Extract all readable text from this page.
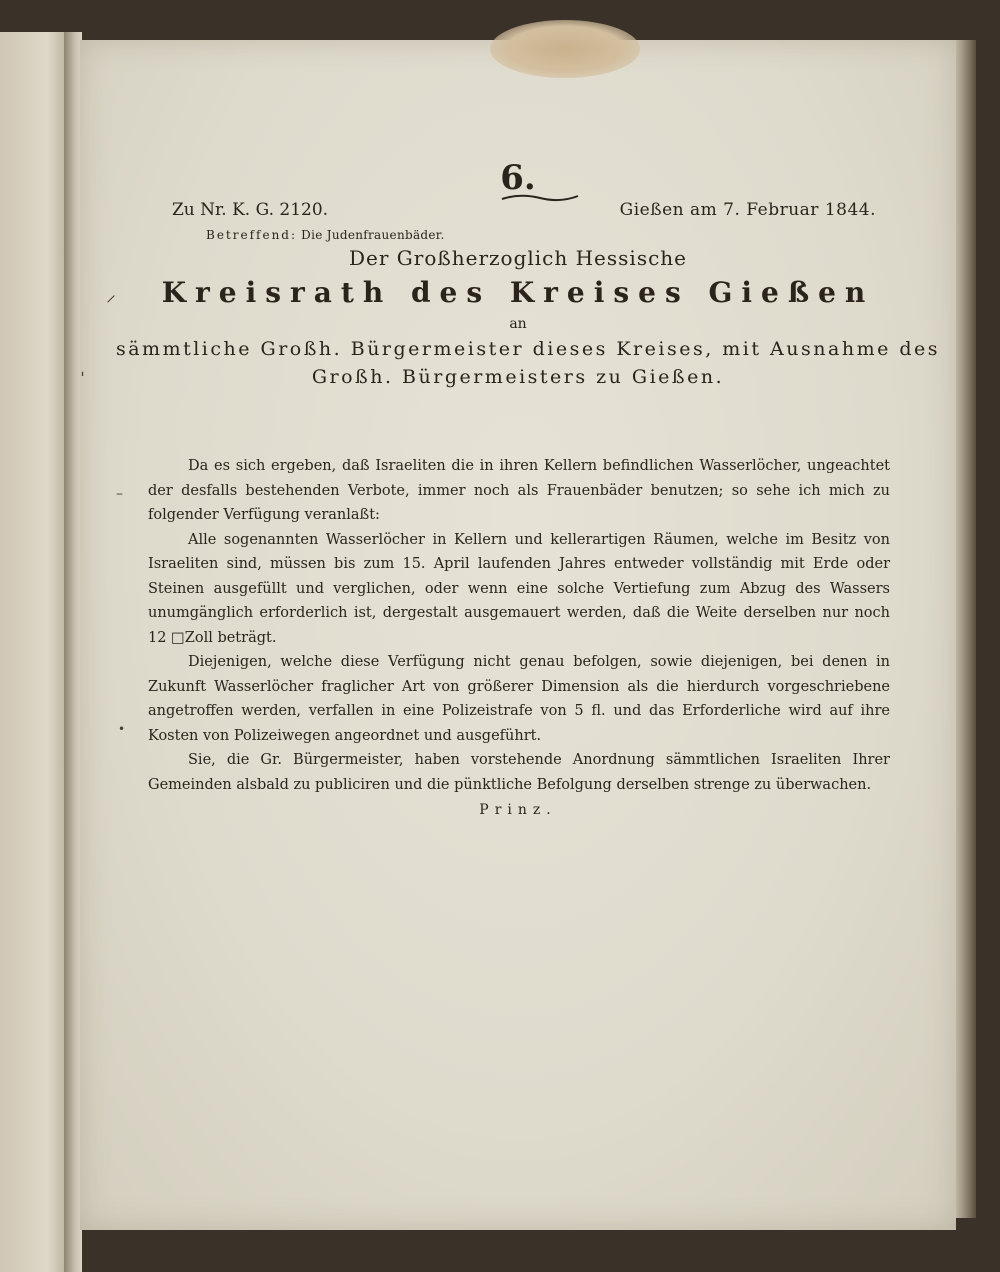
6.
Zu Nr. K. G. 2120.	Gießen am 7. Februar 1844.
Betreffend: Die Judenfrauenbäder.
Der Großherzoglich Hessische
Kreisrath des Kreises Gießen
an
sämmtliche Großh. Bürgermeister dieses Kreises, mit Ausnahme des
Großh. Bürgermeisters zu Gießen.

Da es sich ergeben, daß Israeliten die in ihren Kellern befindlichen Wasserlöcher, ungeachtet der desfalls bestehenden Verbote, immer noch als Frauenbäder benutzen; so sehe ich mich zu folgender Verfügung veranlaßt:

Alle sogenannten Wasserlöcher in Kellern und kellerartigen Räumen, welche im Besitz von Israeliten sind, müssen bis zum 15. April laufenden Jahres entweder vollständig mit Erde oder Steinen ausgefüllt und verglichen, oder wenn eine solche Vertiefung zum Abzug des Wassers unumgänglich erforderlich ist, dergestalt ausgemauert werden, daß die Weite derselben nur noch 12 □Zoll beträgt.

Diejenigen, welche diese Verfügung nicht genau befolgen, sowie diejenigen, bei denen in Zukunft Wasserlöcher fraglicher Art von größerer Dimension als die hierdurch vorgeschriebene angetroffen werden, verfallen in eine Polizeistrafe von 5 fl. und das Erforderliche wird auf ihre Kosten von Polizeiwegen angeordnet und ausgeführt.

Sie, die Gr. Bürgermeister, haben vorstehende Anordnung sämmtlichen Israeliten Ihrer Gemeinden alsbald zu publiciren und die pünktliche Befolgung derselben strenge zu überwachen.

Prinz.
⸝
ˌ
–
•
